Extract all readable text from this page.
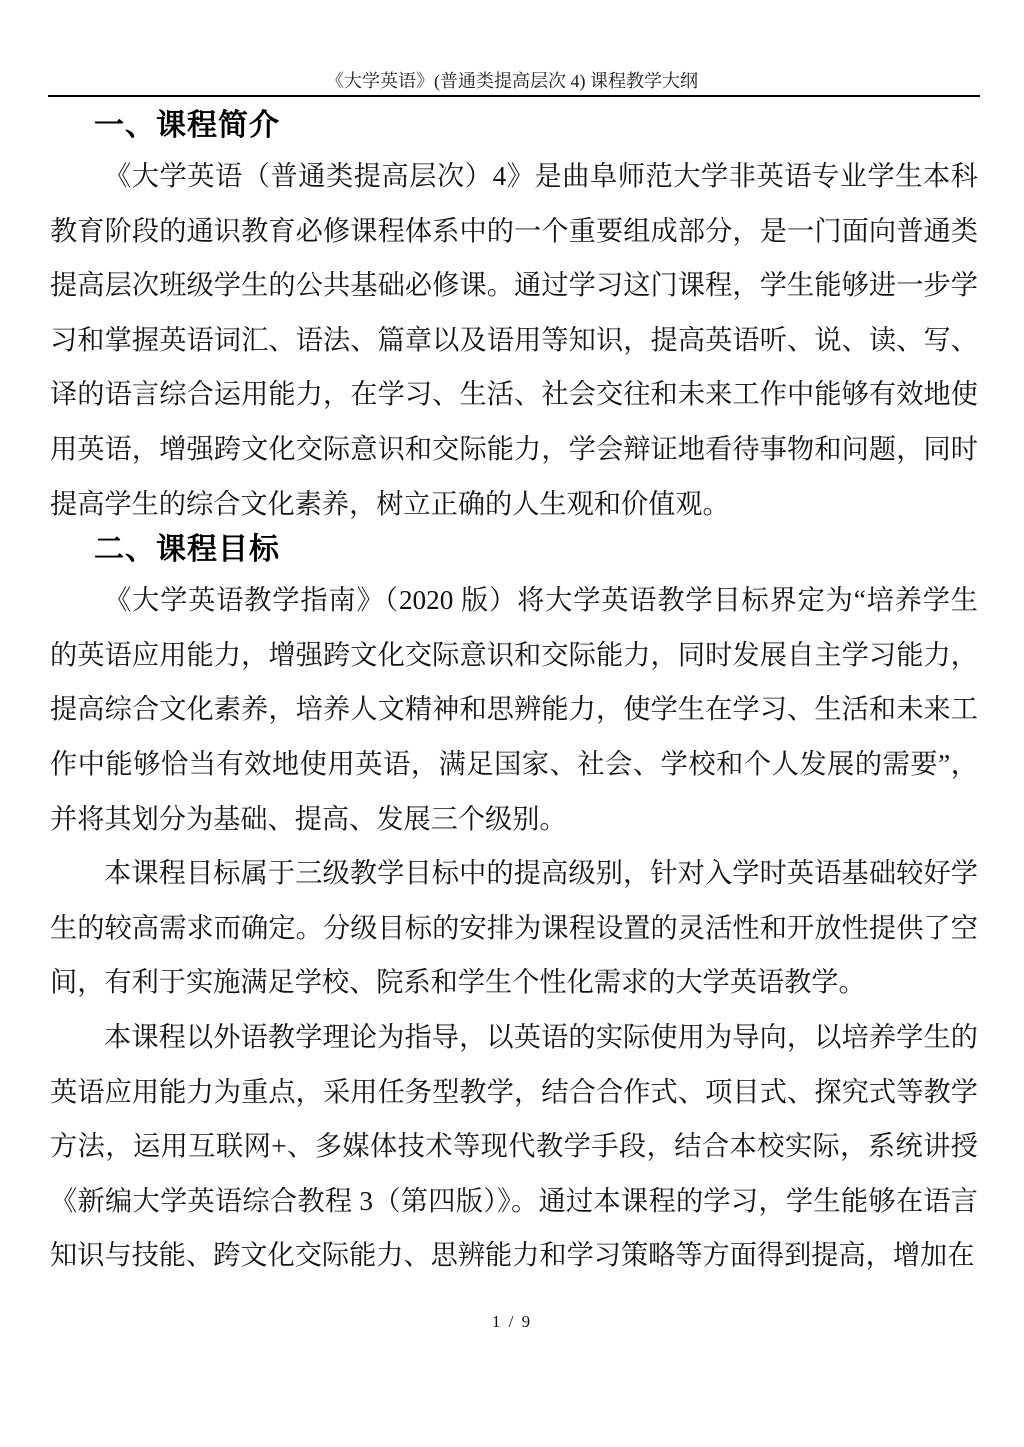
《大学英语》(普通类提高层次 4) 课程教学大纲
一、课程简介

《大学英语（普通类提高层次）4》是曲阜师范大学非英语专业学生本科教育阶段的通识教育必修课程体系中的一个重要组成部分，是一门面向普通类提高层次班级学生的公共基础必修课。通过学习这门课程，学生能够进一步学习和掌握英语词汇、语法、篇章以及语用等知识，提高英语听、说、读、写、译的语言综合运用能力，在学习、生活、社会交往和未来工作中能够有效地使用英语，增强跨文化交际意识和交际能力，学会辩证地看待事物和问题，同时提高学生的综合文化素养，树立正确的人生观和价值观。

二、课程目标

《大学英语教学指南》（2020 版）将大学英语教学目标界定为“培养学生的英语应用能力，增强跨文化交际意识和交际能力，同时发展自主学习能力，提高综合文化素养，培养人文精神和思辨能力，使学生在学习、生活和未来工作中能够恰当有效地使用英语，满足国家、社会、学校和个人发展的需要”，并将其划分为基础、提高、发展三个级别。

本课程目标属于三级教学目标中的提高级别，针对入学时英语基础较好学生的较高需求而确定。分级目标的安排为课程设置的灵活性和开放性提供了空间，有利于实施满足学校、院系和学生个性化需求的大学英语教学。

本课程以外语教学理论为指导，以英语的实际使用为导向，以培养学生的英语应用能力为重点，采用任务型教学，结合合作式、项目式、探究式等教学方法，运用互联网+、多媒体技术等现代教学手段，结合本校实际，系统讲授《新编大学英语综合教程 3（第四版）》。通过本课程的学习，学生能够在语言知识与技能、跨文化交际能力、思辨能力和学习策略等方面得到提高，增加在

1 / 9
